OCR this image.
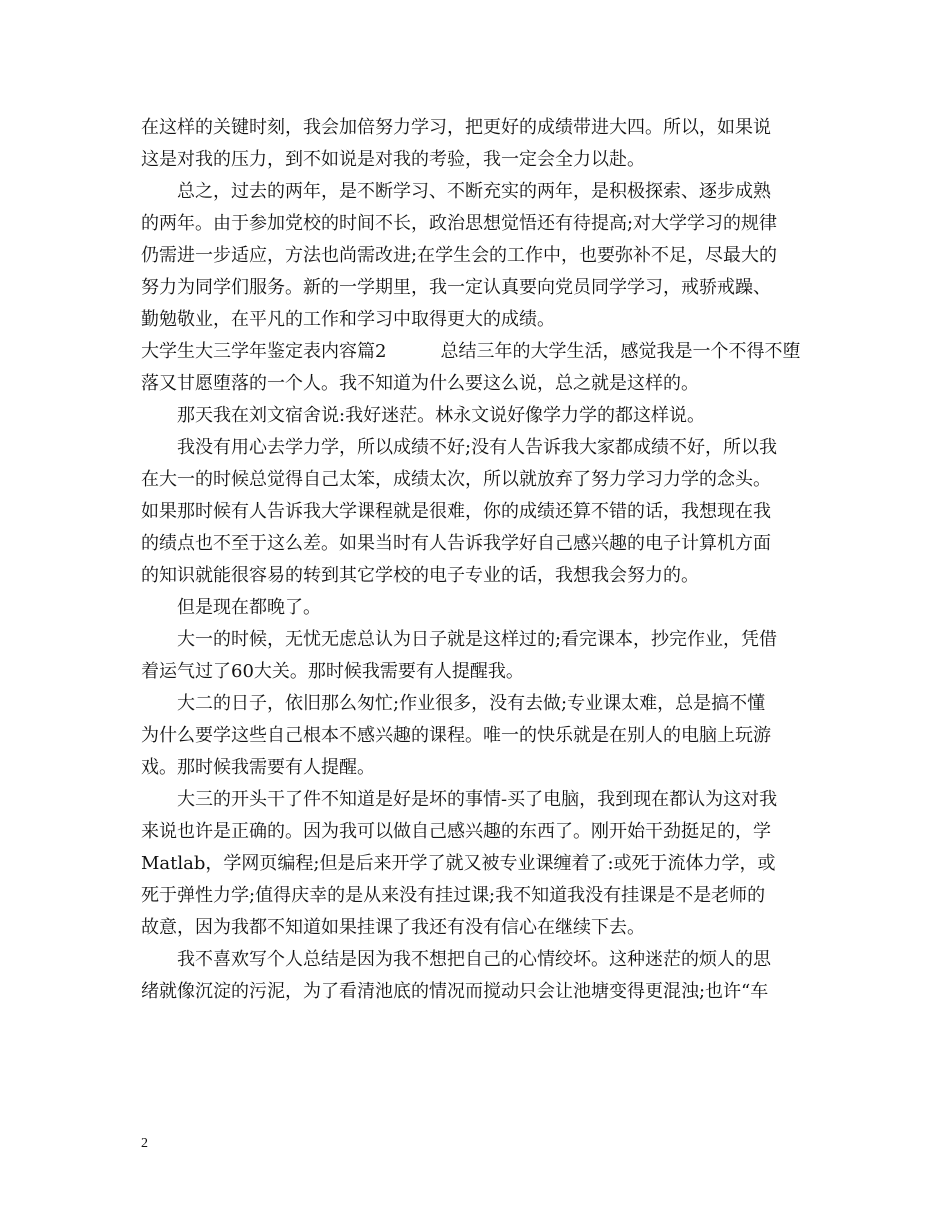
在这样的关键时刻，我会加倍努力学习，把更好的成绩带进大四。所以，如果说
这是对我的压力，到不如说是对我的考验，我一定会全力以赴。
总之，过去的两年，是不断学习、不断充实的两年，是积极探索、逐步成熟
的两年。由于参加党校的时间不长，政治思想觉悟还有待提高;对大学学习的规律
仍需进一步适应，方法也尚需改进;在学生会的工作中，也要弥补不足，尽最大的
努力为同学们服务。新的一学期里，我一定认真要向党员同学学习，戒骄戒躁、
勤勉敬业，在平凡的工作和学习中取得更大的成绩。
大学生大三学年鉴定表内容篇2　　　总结三年的大学生活，感觉我是一个不得不堕
落又甘愿堕落的一个人。我不知道为什么要这么说，总之就是这样的。
那天我在刘文宿舍说:我好迷茫。林永文说好像学力学的都这样说。
我没有用心去学力学，所以成绩不好;没有人告诉我大家都成绩不好，所以我
在大一的时候总觉得自己太笨，成绩太次，所以就放弃了努力学习力学的念头。
如果那时候有人告诉我大学课程就是很难，你的成绩还算不错的话，我想现在我
的绩点也不至于这么差。如果当时有人告诉我学好自己感兴趣的电子计算机方面
的知识就能很容易的转到其它学校的电子专业的话，我想我会努力的。
但是现在都晚了。
大一的时候，无忧无虑总认为日子就是这样过的;看完课本，抄完作业，凭借
着运气过了60大关。那时候我需要有人提醒我。
大二的日子，依旧那么匆忙;作业很多，没有去做;专业课太难，总是搞不懂
为什么要学这些自己根本不感兴趣的课程。唯一的快乐就是在别人的电脑上玩游
戏。那时候我需要有人提醒。
大三的开头干了件不知道是好是坏的事情-买了电脑，我到现在都认为这对我
来说也许是正确的。因为我可以做自己感兴趣的东西了。刚开始干劲挺足的，学
Matlab，学网页编程;但是后来开学了就又被专业课缠着了:或死于流体力学，或
死于弹性力学;值得庆幸的是从来没有挂过课;我不知道我没有挂课是不是老师的
故意，因为我都不知道如果挂课了我还有没有信心在继续下去。
我不喜欢写个人总结是因为我不想把自己的心情绞坏。这种迷茫的烦人的思
绪就像沉淀的污泥，为了看清池底的情况而搅动只会让池塘变得更混浊;也许“车
2
